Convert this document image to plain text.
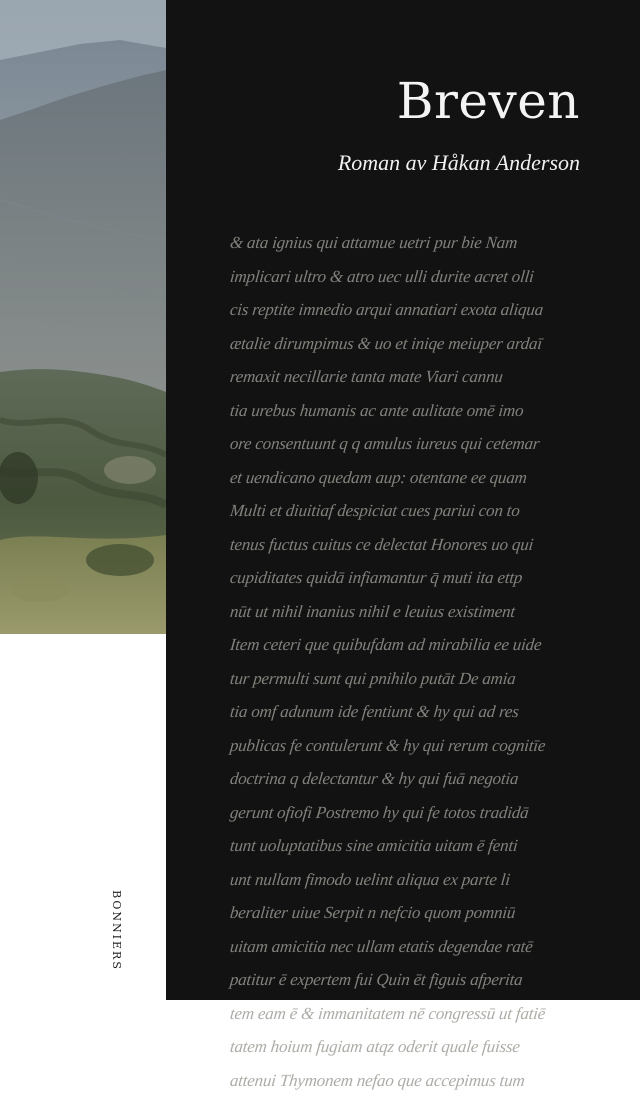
BONNIERS
Breven

Roman av Håkan Anderson

& ata ignius qui attamue uetri pur bie Nam
implicari ultro & atro uec ulli durite acret olli
cis reptite imnedio arqui annatiari exota aliqua
ætalie dirumpimus & uo et iniqe meiuper ardaī
remaxit necillarie tanta mate Viari cannu
tia urebus humanis ac ante aulitate omē imo
ore consentuunt q q amulus iureus qui cetemar
et uendicano quedam aup: otentane ee quam
Multi et diuitiaf despiciat cues pariui con to
tenus fuctus cuitus ce delectat Honores uo qui
cupiditates quidā infiamantur q̄ muti ita ettp
nūt ut nihil inanius nihil e leuius existiment
Item ceteri que quibufdam ad mirabilia ee uide
tur permulti sunt qui pnihilo putāt De amia
tia omf adunum ide fentiunt & hy qui ad res
publicas fe contulerunt & hy qui rerum cognitīe
doctrina q delectantur & hy qui fuā negotia
gerunt ofiofi Postremo hy qui fe totos tradidā
tunt uoluptatibus sine amicitia uitam ē fenti
unt nullam fimodo uelint aliqua ex parte li
beraliter uiue Serpit n nefcio quom pomniū
uitam amicitia nec ullam etatis degendae ratē
patitur ē expertem fui Quin ēt figuis afperita
tem eam ē & immanitatem nē congressū ut fatiē
tatem hoium fugiam atqz oderit quale fuisse
attenui Thymonem nefao que accepimus tum
